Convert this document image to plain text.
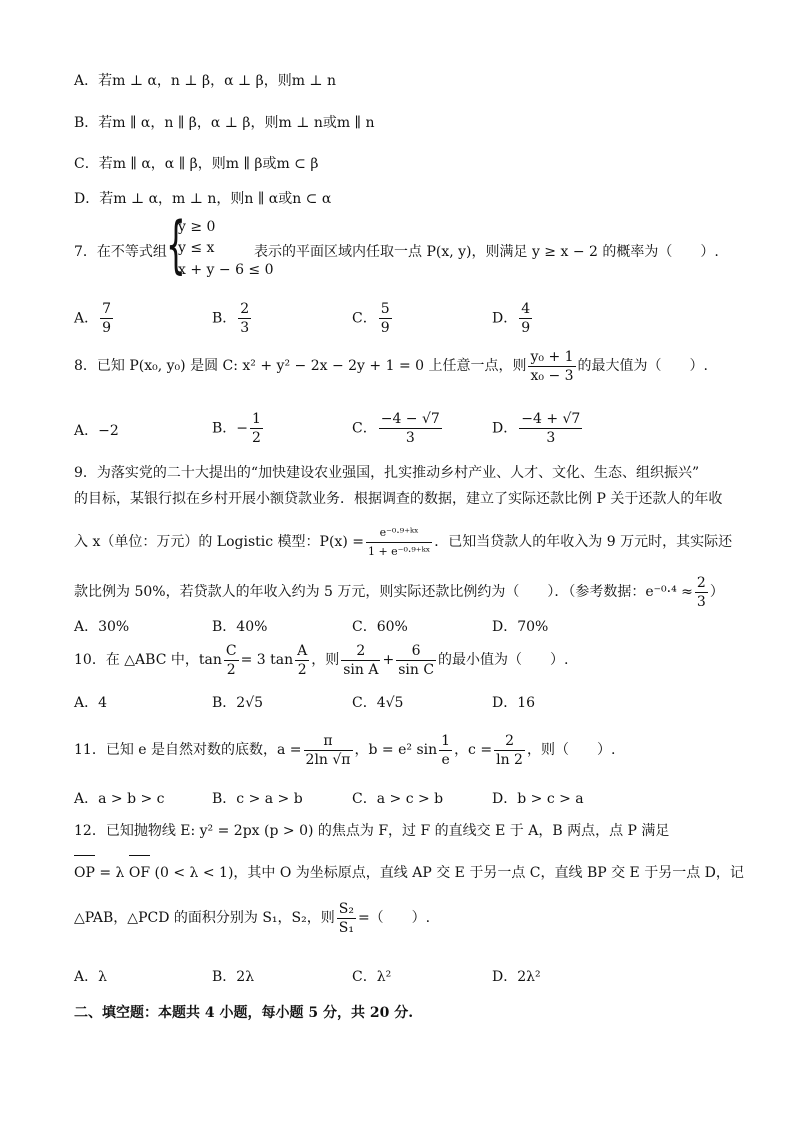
A．若m ⊥ α，n ⊥ β，α ⊥ β，则m ⊥ n
B．若m ∥ α，n ∥ β，α ⊥ β，则m ⊥ n或m ∥ n
C．若m ∥ α，α ∥ β，则m ∥ β或m ⊂ β
D．若m ⊥ α，m ⊥ n，则n ∥ α或n ⊂ α
7．在不等式组 {
y ≥ 0
y ≤ x
x + y − 6 ≤ 0
表示的平面区域内任取一点 P(x, y)，则满足 y ≥ x − 2 的概率为（　　）.
A． $\frac{7}{9}$	B． $\frac{2}{3}$	C． $\frac{5}{9}$	D． $\frac{4}{9}$
8．已知 P(x₀, y₀) 是圆 C: x² + y² − 2x − 2y + 1 = 0 上任意一点，则 $\frac{\text{y₀ + 1}}{\text{x₀ − 3}}$ 的最大值为（　　）.
A．−2	B．− $\frac{1}{2}$	C． $\frac{-4 - √7}{3}$	D． $\frac{-4 + √7}{3}$
9．为落实党的二十大提出的“加快建设农业强国，扎实推动乡村产业、人才、文化、生态、组织振兴”
的目标，某银行拟在乡村开展小额贷款业务．根据调查的数据，建立了实际还款比例 P 关于还款人的年收
入 x（单位：万元）的 Logistic 模型：$P(x) = \frac{\text{e⁻⁰·⁹⁺ᵏˣ}}{\text{1 + e⁻⁰·⁹⁺ᵏˣ}}$ ．已知当贷款人的年收入为 9 万元时，其实际还
款比例为 50%，若贷款人的年收入约为 5 万元，则实际还款比例约为（　　）．（参考数据：$e^{-0}\cdot^4 \approx \frac{2}{3}$ ）
A．30%	B．40%	C．60%	D．70%
10．在 △ABC 中，$\tan \frac{C}{2} = 3$ $\tan \frac{A}{2}$ ，则 $\frac{2}{\text{sin A}} + \frac{6}{\text{sin C}}$ 的最小值为（　　）.
A．4	B．2√5	C．4√5	D．16
11．已知 e 是自然对数的底数，$a = \frac{\pi}{2\ln √\pi}$ ，b = e² $\sin \frac{1}{e}$ ，$c = \frac{2}{\ln 2}$ ，则（　　）.
A．a > b > c	B．c > a > b	C．a > c > b	D．b > c > a
12．已知抛物线 E: y² = 2px (p > 0) 的焦点为 F，过 F 的直线交 E 于 A，B 两点，点 P 满足
OP = λ OF (0 < λ < 1)，其中 O 为坐标原点，直线 AP 交 E 于另一点 C，直线 BP 交 E 于另一点 D，记
△PAB，△PCD 的面积分别为 S₁，S₂，则 $\frac{\text{S₂}}{\text{S₁}}$ =（　　）.
A．λ	B．2λ	C．λ²	D．2λ²
二、填空题：本题共 4 小题，每小题 5 分，共 20 分.
